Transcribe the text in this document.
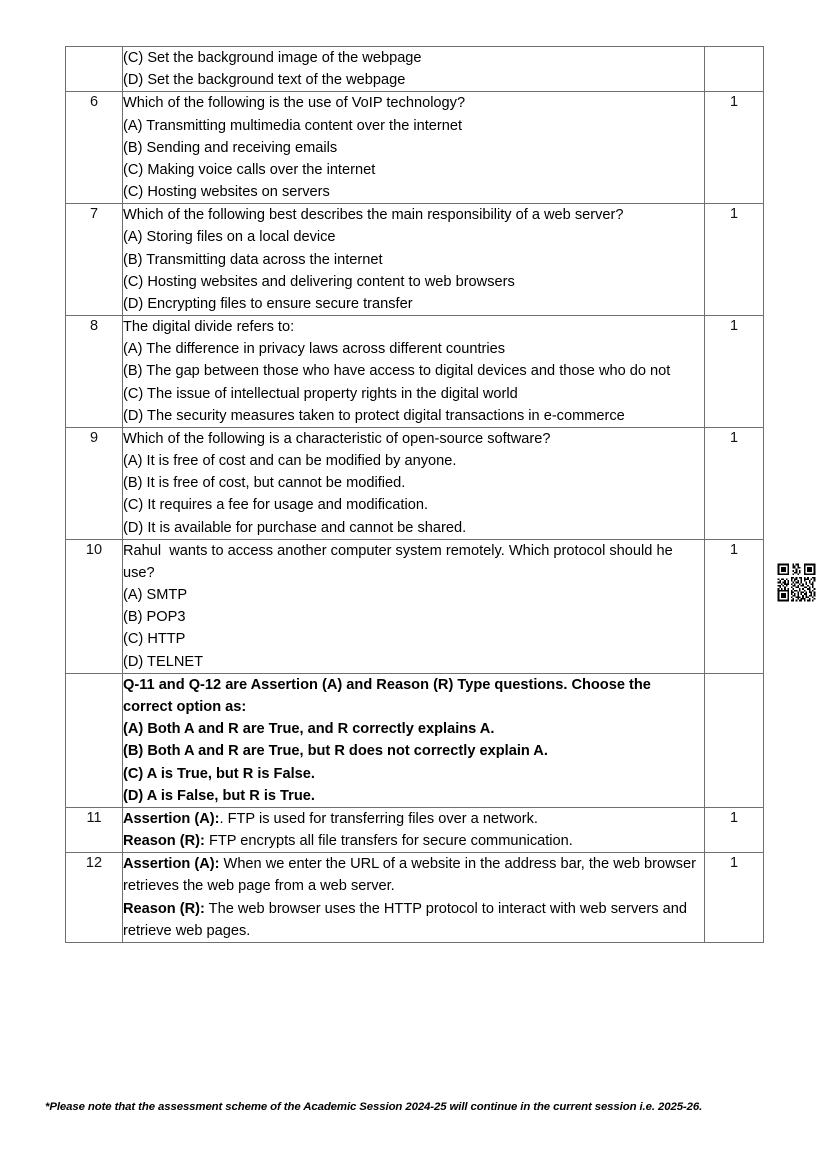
	(C) Set the background image of the webpage
(D) Set the background text of the webpage	

6	Which of the following is the use of VoIP technology?
(A) Transmitting multimedia content over the internet
(B) Sending and receiving emails
(C) Making voice calls over the internet
(C) Hosting websites on servers	1
7	Which of the following best describes the main responsibility of a web server?
(A) Storing files on a local device
(B) Transmitting data across the internet
(C) Hosting websites and delivering content to web browsers
(D) Encrypting files to ensure secure transfer	1
8	The digital divide refers to:
(A) The difference in privacy laws across different countries
(B) The gap between those who have access to digital devices and those who do not
(C) The issue of intellectual property rights in the digital world
(D) The security measures taken to protect digital transactions in e-commerce	1
9	Which of the following is a characteristic of open-source software?
(A) It is free of cost and can be modified by anyone.
(B) It is free of cost, but cannot be modified.
(C) It requires a fee for usage and modification.
(D) It is available for purchase and cannot be shared.	1
10	Rahul  wants to access another computer system remotely. Which protocol should he use?
(A) SMTP
(B) POP3
(C) HTTP
(D) TELNET	1

	Q-11 and Q-12 are Assertion (A) and Reason (R) Type questions. Choose the correct option as:
(A) Both A and R are True, and R correctly explains A.
(B) Both A and R are True, but R does not correctly explain A.
(C) A is True, but R is False.
(D) A is False, but R is True.	

11	Assertion (A):. FTP is used for transferring files over a network.
Reason (R): FTP encrypts all file transfers for secure communication.	1
12	Assertion (A): When we enter the URL of a website in the address bar, the web browser retrieves the web page from a web server.
Reason (R): The web browser uses the HTTP protocol to interact with web servers and retrieve web pages.	1
*Please note that the assessment scheme of the Academic Session 2024-25 will continue in the current session i.e. 2025-26.
